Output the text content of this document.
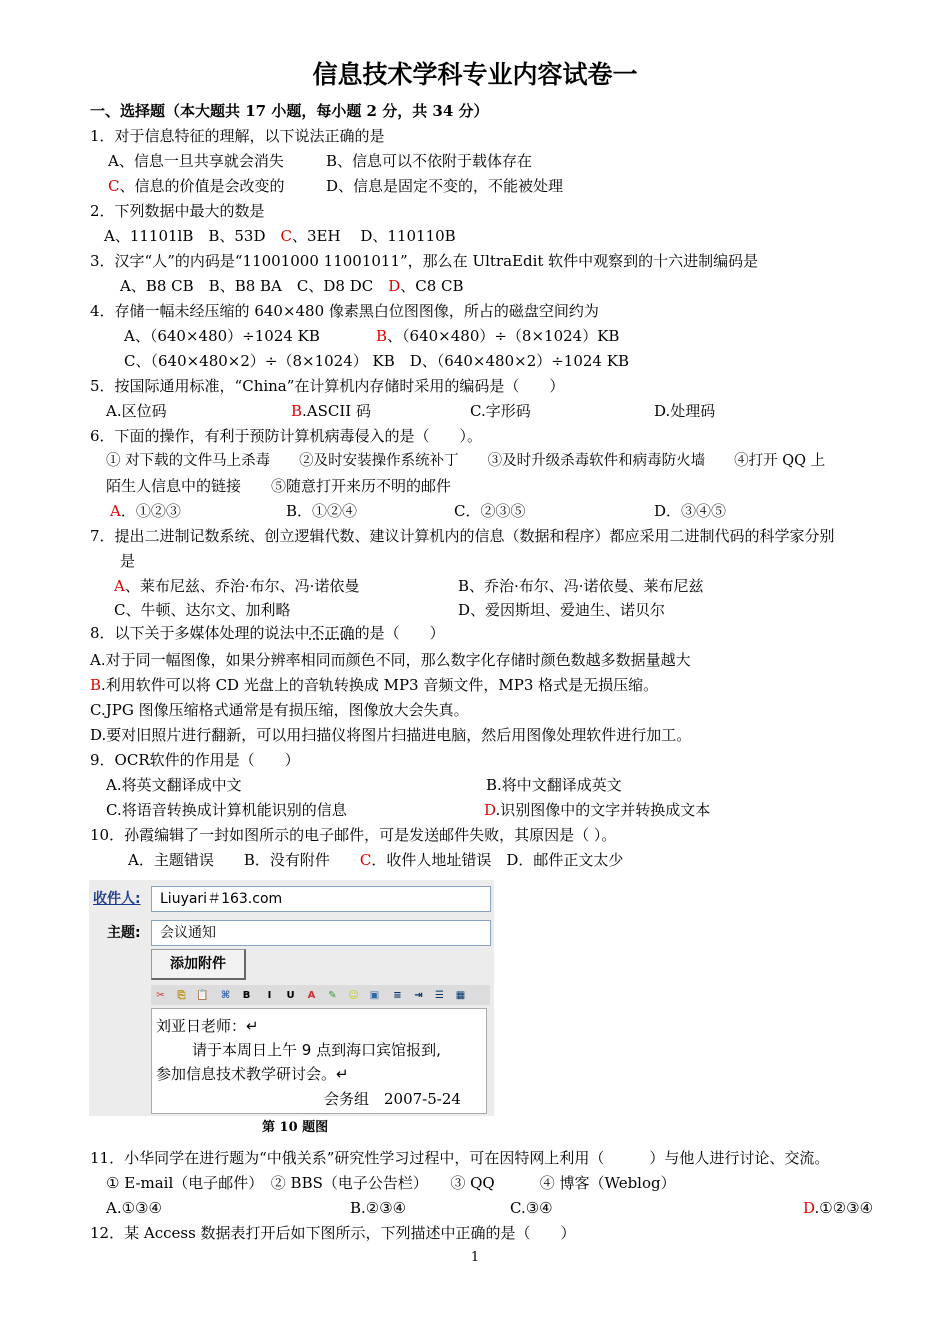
信息技术学科专业内容试卷一
一、选择题（本大题共 17 小题，每小题 2 分，共 34 分）
1．对于信息特征的理解，以下说法正确的是
A、信息一旦共享就会消失	B、信息可以不依附于载体存在
C、信息的价值是会改变的	D、信息是固定不变的，不能被处理
2．下列数据中最大的数是
A、11101lB　B、53D　 C、3EH　 D、110110B
3．汉字“人”的内码是“11001000 11001011”，那么在 UltraEdit 软件中观察到的十六进制编码是
A、B8 CB　B、B8 BA　C、D8 DC　 D、C8 CB
4．存储一幅未经压缩的 640×480 像素黑白位图图像，所占的磁盘空间约为
A、（640×480）÷1024 KB	B、（640×480）÷（8×1024）KB
C、（640×480×2）÷（8×1024） KB　D、（640×480×2）÷1024 KB
5．按国际通用标准，“China”在计算机内存储时采用的编码是（　　）
A.区位码	B.ASCII 码	C.字形码	D.处理码
6．下面的操作，有利于预防计算机病毒侵入的是（　　）。
① 对下载的文件马上杀毒　　②及时安装操作系统补丁　　③及时升级杀毒软件和病毒防火墙　　④打开 QQ 上
陌生人信息中的链接　　⑤随意打开来历不明的邮件
A．①②③	B．①②④	C．②③⑤	D．③④⑤
7．提出二进制记数系统、创立逻辑代数、建议计算机内的信息（数据和程序）都应采用二进制代码的科学家分别
是
A、莱布尼兹、乔治·布尔、冯·诺依曼	B、乔治·布尔、冯·诺依曼、莱布尼兹
C、牛顿、达尔文、加利略	D、爱因斯坦、爱迪生、诺贝尔
8．以下关于多媒体处理的说法中不正确的是（　　）
A.对于同一幅图像，如果分辨率相同而颜色不同，那么数字化存储时颜色数越多数据量越大
B.利用软件可以将 CD 光盘上的音轨转换成 MP3 音频文件，MP3 格式是无损压缩。
C.JPG 图像压缩格式通常是有损压缩，图像放大会失真。
D.要对旧照片进行翻新，可以用扫描仪将图片扫描进电脑，然后用图像处理软件进行加工。
9．OCR软件的作用是（　　）
A.将英文翻译成中文	B.将中文翻译成英文
C.将语音转换成计算机能识别的信息	D.识别图像中的文字并转换成文本
10．孙霞编辑了一封如图所示的电子邮件，可是发送邮件失败，其原因是（ ）。
A．主题错误　　B．没有附件　　 C．收件人地址错误　 D．邮件正文太少
收件人:	Liuyari＃163.com
主题:	会议通知
添加附件
✂ ⎘ 📋 ⌘ B	I	U A ✎ ☺ ▣ ≡ ⇥ ☰ ▦
刘亚日老师：↵
请于本周日上午 9 点到海口宾馆报到,
参加信息技术教学研讨会。↵
会务组　2007-5-24
第 10 题图
11．小华同学在进行题为“中俄关系”研究性学习过程中，可在因特网上利用（　　　）与他人进行讨论、交流。
① E-mail（电子邮件）　② BBS（电子公告栏）　　③ QQ　　　④ 博客（Weblog）
A.①③④	B.②③④	C.③④	D.①②③④
12．某 Access 数据表打开后如下图所示，下列描述中正确的是（　　）
1
